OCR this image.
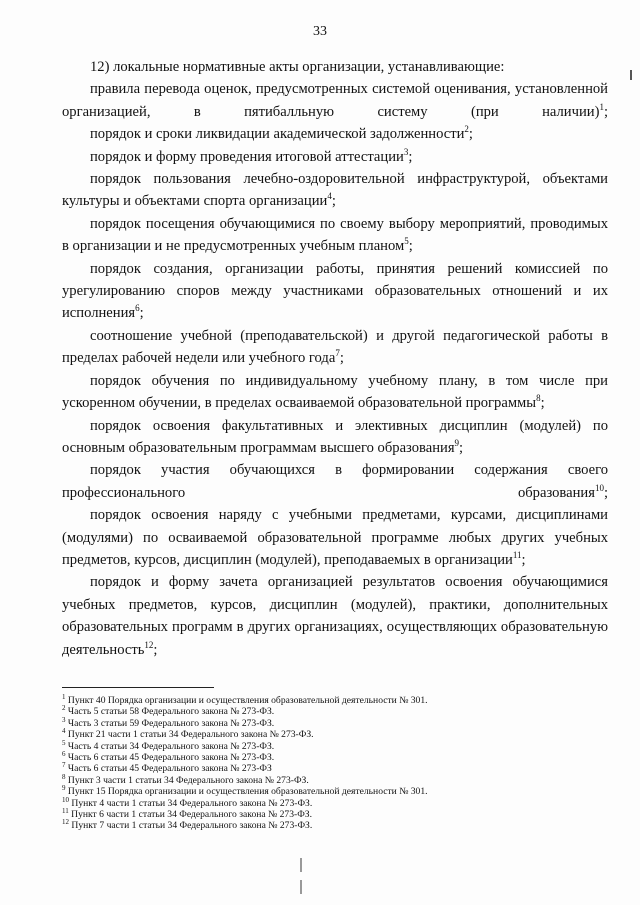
33

12) локальные нормативные акты организации, устанавливающие:

правила перевода оценок, предусмотренных системой оценивания, установленной организацией, в пятибалльную систему (при наличии)$^1$;

порядок и сроки ликвидации академической задолженности$^2$;

порядок и форму проведения итоговой аттестации$^3$;

порядок пользования лечебно-оздоровительной инфраструктурой, объектами культуры и объектами спорта организации$^4$;

порядок посещения обучающимися по своему выбору мероприятий, проводимых в организации и не предусмотренных учебным планом$^5$;

порядок создания, организации работы, принятия решений комиссией по урегулированию споров между участниками образовательных отношений и их исполнения$^6$;

соотношение учебной (преподавательской) и другой педагогической работы в пределах рабочей недели или учебного года$^7$;

порядок обучения по индивидуальному учебному плану, в том числе при ускоренном обучении, в пределах осваиваемой образовательной программы$^8$;

порядок освоения факультативных и элективных дисциплин (модулей) по основным образовательным программам высшего образования$^9$;

порядок участия обучающихся в формировании содержания своего профессионального образования$^{10}$;

порядок освоения наряду с учебными предметами, курсами, дисциплинами (модулями) по осваиваемой образовательной программе любых других учебных предметов, курсов, дисциплин (модулей), преподаваемых в организации$^{11}$;

порядок и форму зачета организацией результатов освоения обучающимися учебных предметов, курсов, дисциплин (модулей), практики, дополнительных образовательных программ в других организациях, осуществляющих образовательную деятельность$^{12}$;

$^1$ Пункт 40 Порядка организации и осуществления образовательной деятельности № 301.
$^2$ Часть 5 статьи 58 Федерального закона № 273-ФЗ.
$^3$ Часть 3 статьи 59 Федерального закона № 273-ФЗ.
$^4$ Пункт 21 части 1 статьи 34 Федерального закона № 273-ФЗ.
$^5$ Часть 4 статьи 34 Федерального закона № 273-ФЗ.
$^6$ Часть 6 статьи 45 Федерального закона № 273-ФЗ.
$^7$ Часть 6 статьи 45 Федерального закона № 273-ФЗ
$^8$ Пункт 3 части 1 статьи 34 Федерального закона № 273-ФЗ.
$^9$ Пункт 15 Порядка организации и осуществления образовательной деятельности № 301.
$^{10}$ Пункт 4 части 1 статьи 34 Федерального закона № 273-ФЗ.
$^{11}$ Пункт 6 части 1 статьи 34 Федерального закона № 273-ФЗ.
$^{12}$ Пункт 7 части 1 статьи 34 Федерального закона № 273-ФЗ.
